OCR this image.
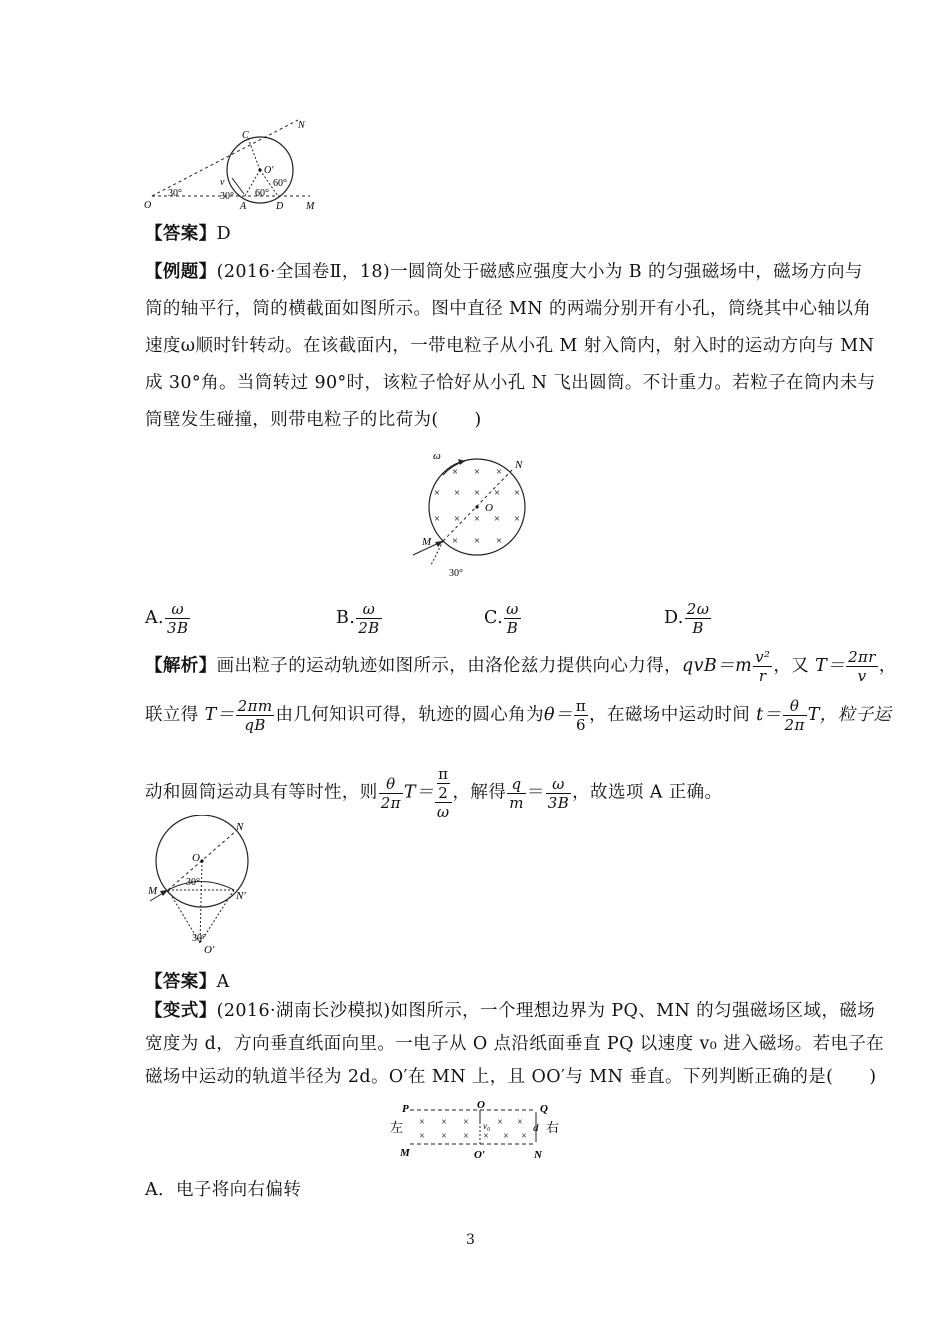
C
N
O′
60°
60°
v
30°	30°
O	A	D M
【答案】D
【例题】(2016·全国卷Ⅱ，18)一圆筒处于磁感应强度大小为 B 的匀强磁场中，磁场方向与
筒的轴平行，筒的横截面如图所示。图中直径 MN 的两端分别开有小孔，筒绕其中心轴以角
速度ω顺时针转动。在该截面内，一带电粒子从小孔 M 射入筒内，射入时的运动方向与 MN
成 30°角。当筒转过 90°时，该粒子恰好从小孔 N 飞出圆筒。不计重力。若粒子在筒内未与
筒壁发生碰撞，则带电粒子的比荷为(　　)
ω
N
O
M
30°
× × ×
× × × × ×
× × × × ×
× × ×
A. $\frac{\omega}{3B}$	B. $\frac{\omega}{2B}$	C. $\frac{\omega}{B}$	D. $\frac{2\omega}{B}$
【解析】画出粒子的运动轨迹如图所示，由洛伦兹力提供向心力得，$qvB=m \frac{\text{v²}}{r}$ ，又 $T= \frac{2\pi r}{v}$ ，
联立得 $T= \frac{2\pi m}{qB}$ 由几何知识可得，轨迹的圆心角为$\theta= \frac{\pi}{6}$ ，在磁场中运动时间 $t= \frac{\theta}{2\pi}$ T，粒子运
动和圆筒运动具有等时性，则 $\frac{\theta}{2\pi} T= \pi$
2
ω ，解得 $\frac{q}{m} = \frac{\omega}{3B}$ ，故选项 A 正确。
N
O
30°
M	N′
30°
O′
【答案】A
【变式】(2016·湖南长沙模拟)如图所示，一个理想边界为 PQ、MN 的匀强磁场区域，磁场
宽度为 d，方向垂直纸面向里。一电子从 O 点沿纸面垂直 PQ 以速度 v₀ 进入磁场。若电子在
磁场中运动的轨道半径为 2d。O′在 MN 上，且 OO′与 MN 垂直。下列判断正确的是(　　)
P	O	Q
左	右
v₀	d
M	O′	N
× × ×	× ×
× × × × × ×
A．电子将向右偏转
3
